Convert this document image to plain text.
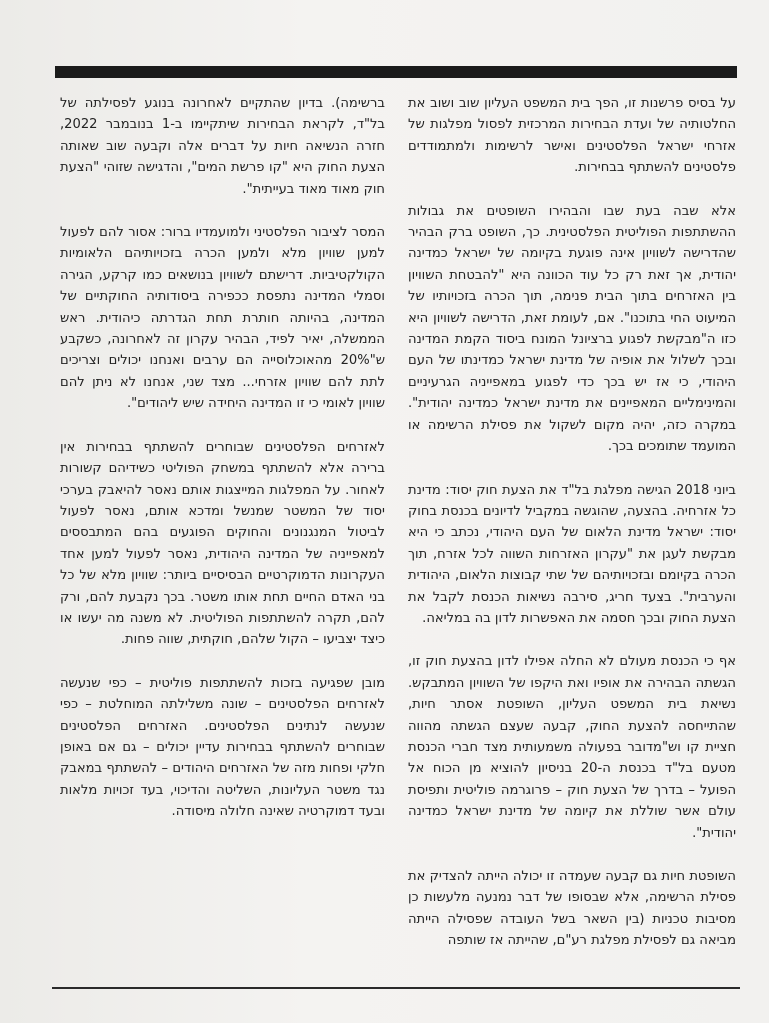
על בסיס פרשנות זו, הפך בית המשפט העליון שוב ושוב את החלטותיה של ועדת הבחירות המרכזית לפסול מפלגות של אזרחי ישראל הפלסטינים ואישר לרשימות ולמתמודדים פלסטינים להשתתף בבחירות.

אלא שבה בעת שבו והבהירו השופטים את גבולות ההשתתפות הפוליטית הפלסטינית. כך, השופט ברק הבהיר שהדרישה לשוויון אינה פוגעת בקיומה של ישראל כמדינה יהודית, אך זאת רק כל עוד הכוונה היא "להבטחת השוויון בין האזרחים בתוך הבית פנימה, תוך הכרה בזכויותיו של המיעוט החי בתוכנו". אם, לעומת זאת, הדרישה לשוויון היא כזו ה"מבקשת לפגוע ברציונל המונח ביסוד הקמת המדינה ובכך לשלול את אופיה של מדינת ישראל כמדינתו של העם היהודי, כי אז יש בכך כדי לפגוע במאפייניה הגרעיניים והמינימליים המאפיינים את מדינת ישראל כמדינה יהודית". במקרה כזה, יהיה מקום לשקול את פסילת הרשימה או המועמד שתומכים בכך.

ביוני 2018 הגישה מפלגת בל"ד את הצעת חוק יסוד: מדינת כל אזרחיה. בהצעה, שהוגשה במקביל לדיונים בכנסת בחוק יסוד: ישראל מדינת הלאום של העם היהודי, נכתב כי היא מבקשת לעגן את "עקרון האזרחות השווה לכל אזרח, תוך הכרה בקיומם ובזכויותיהם של שתי קבוצות הלאום, היהודית והערבית". בצעד חריג, סירבה נשיאות הכנסת לקבל את הצעת החוק ובכך חסמה את האפשרות לדון בה במליאה.

אף כי הכנסת מעולם לא החלה אפילו לדון בהצעת חוק זו, הגשתה הבהירה את אופיו ואת היקפו של השוויון המתבקש. נשיאת בית המשפט העליון, השופטת אסתר חיות, שהתייחסה להצעת החוק, קבעה שעצם הגשתה מהווה חציית קו וש"מדובר בפעולה משמעותית מצד חברי הכנסת מטעם בל"ד בכנסת ה-20 בניסיון להוציא מן הכוח אל הפועל – בדרך של הצעת חוק – פרוגרמה פוליטית ותפיסת עולם אשר שוללת את קיומה של מדינת ישראל כמדינה יהודית".

השופטת חיות גם קבעה שעמדה זו יכולה הייתה להצדיק את פסילת הרשימה, אלא שבסופו של דבר נמנעה מלעשות כן מסיבות טכניות (בין השאר בשל העובדה שפסילה הייתה מביאה גם לפסילת מפלגת רע"ם, שהייתה אז שותפה

ברשימה). בדיון שהתקיים לאחרונה בנוגע לפסילתה של בל"ד, לקראת הבחירות שיתקיימו ב-1 בנובמבר 2022, חזרה הנשיאה חיות על דברים אלה וקבעה שוב שאותה הצעת החוק היא "קו פרשת המים", והדגישה שזוהי "הצעת חוק מאוד מאוד בעייתית".

המסר לציבור הפלסטיני ולמועמדיו ברור: אסור להם לפעול למען שוויון מלא ולמען הכרה בזכויותיהם הלאומיות הקולקטיביות. דרישתם לשוויון בנושאים כמו קרקע, הגירה וסמלי המדינה נתפסת ככפירה ביסודותיה החוקתיים של המדינה, בהיותה חותרת תחת הגדרתה כיהודית. ראש הממשלה, יאיר לפיד, הבהיר עקרון זה לאחרונה, כשקבע ש"20% מהאוכלוסייה הם ערבים ואנחנו יכולים וצריכים לתת להם שוויון אזרחי... מצד שני, אנחנו לא ניתן להם שוויון לאומי כי זו המדינה היחידה שיש ליהודים".

לאזרחים הפלסטינים שבוחרים להשתתף בבחירות אין ברירה אלא להשתתף במשחק הפוליטי כשידיהם קשורות לאחור. על המפלגות המייצגות אותם נאסר להיאבק בערכי יסוד של המשטר שמנשל ומדכא אותם, נאסר לפעול לביטול המנגנונים והחוקים הפוגעים בהם המתבססים למאפייניה של המדינה היהודית, נאסר לפעול למען אחד העקרונות הדמוקרטיים הבסיסיים ביותר: שוויון מלא של כל בני האדם החיים תחת אותו משטר. בכך נקבעת להם, ורק להם, תקרה להשתתפות הפוליטית. לא משנה מה יעשו או כיצד יצביעו – הקול שלהם, חוקתית, שווה פחות.

מובן שפגיעה בזכות להשתתפות פוליטית – כפי שנעשה לאזרחים הפלסטינים – שונה משלילתה המוחלטת – כפי שנעשה לנתינים הפלסטינים. האזרחים הפלסטינים שבוחרים להשתתף בבחירות עדיין יכולים – גם אם באופן חלקי ופחות מזה של האזרחים היהודים – להשתתף במאבק נגד משטר העליונות, השליטה והדיכוי, בעד זכויות מלאות ובעד דמוקרטיה שאינה חלולה מיסודה.
